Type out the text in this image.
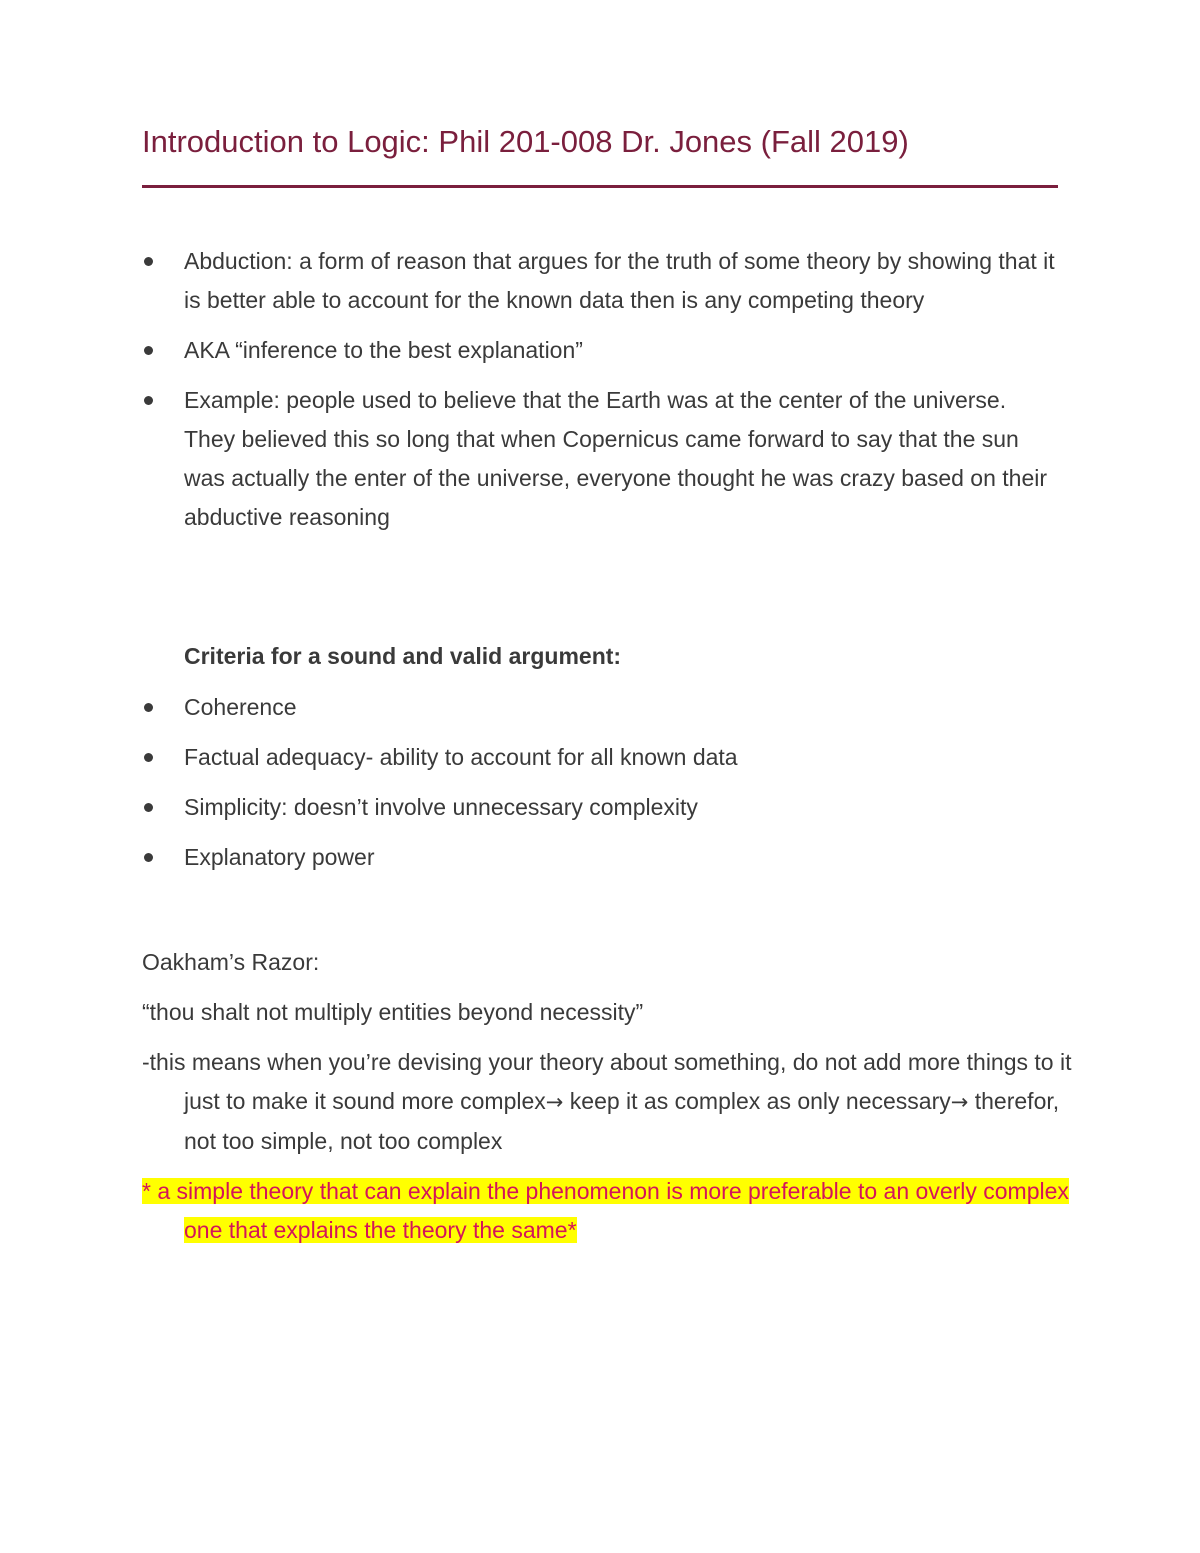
Introduction to Logic: Phil 201-008 Dr. Jones (Fall 2019)
Abduction: a form of reason that argues for the truth of some theory by showing that it is better able to account for the known data then is any competing theory
AKA “inference to the best explanation”
Example: people used to believe that the Earth was at the center of the universe. They believed this so long that when Copernicus came forward to say that the sun was actually the enter of the universe, everyone thought he was crazy based on their abductive reasoning
Criteria for a sound and valid argument:
Coherence
Factual adequacy- ability to account for all known data
Simplicity: doesn’t involve unnecessary complexity
Explanatory power

Oakham’s Razor:

“thou shalt not multiply entities beyond necessity”

-this means when you’re devising your theory about something, do not add more things to it just to make it sound more complex→ keep it as complex as only necessary→ therefor, not too simple, not too complex

* a simple theory that can explain the phenomenon is more preferable to an overly complex one that explains the theory the same*
